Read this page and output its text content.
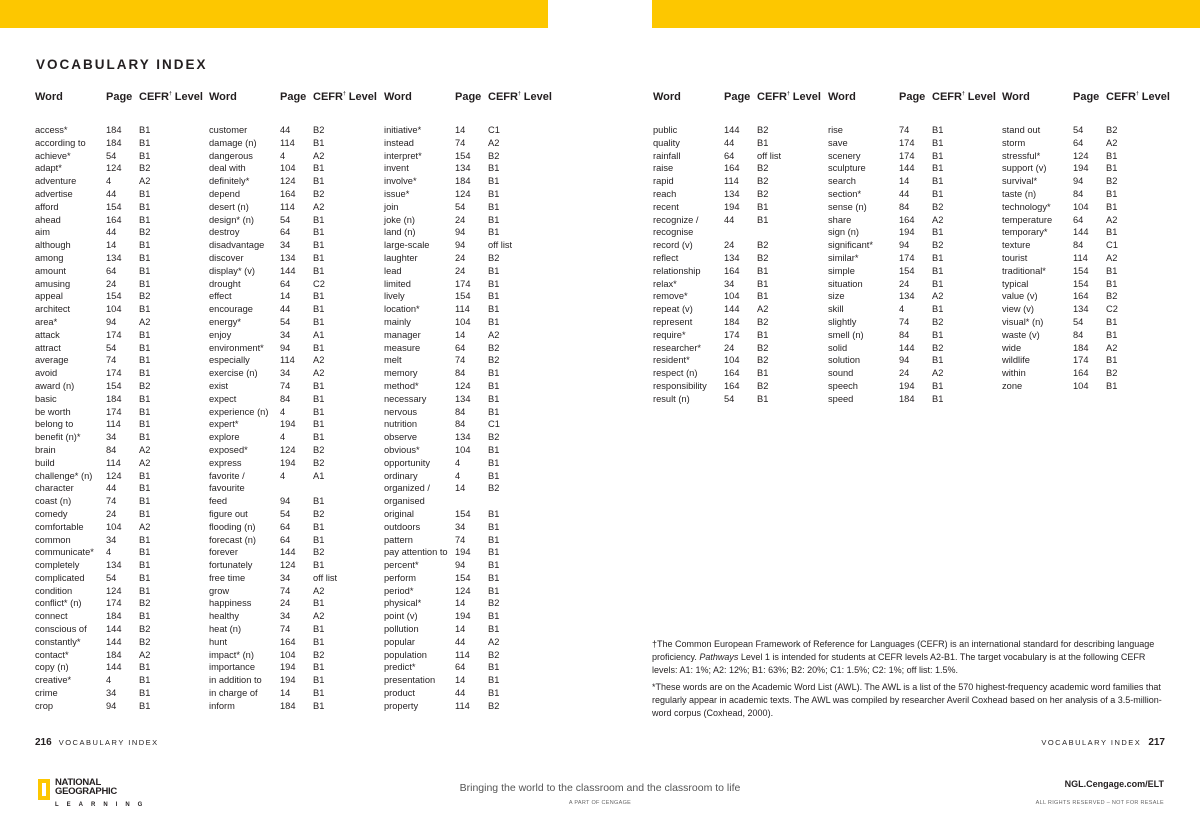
VOCABULARY INDEX
Word	Page CEFR† Level
access*	184	B1
according to	184	B1
achieve*	54	B1
adapt*	124	B2
adventure	4	A2
advertise	44	B1
afford	154	B1
ahead	164	B1
aim	44	B2
although	14	B1
among	134	B1
amount	64	B1
amusing	24	B1
appeal	154	B2
architect	104	B1
area*	94	A2
attack	174	B1
attract	54	B1
average	74	B1
avoid	174	B1
award (n)	154	B2
basic	184	B1
be worth	174	B1
belong to	114	B1
benefit (n)*	34	B1
brain	84	A2
build	114	A2
challenge* (n)	124	B1
character	44	B1
coast (n)	74	B1
comedy	24	B1
comfortable	104	A2
common	34	B1
communicate*	4	B1
completely	134	B1
complicated	54	B1
condition	124	B1
conflict* (n)	174	B2
connect	184	B1
conscious of	144	B2
constantly*	144	B2
contact*	184	A2
copy (n)	144	B1
creative*	4	B1
crime	34	B1
crop	94	B1
Word	Page CEFR† Level
customer	44	B2
damage (n)	114	B1
dangerous	4	A2
deal with	104	B1
definitely*	124	B1
depend	164	B2
desert (n)	114	A2
design* (n)	54	B1
destroy	64	B1
disadvantage	34	B1
discover	134	B1
display* (v)	144	B1
drought	64	C2
effect	14	B1
encourage	44	B1
energy*	54	B1
enjoy	34	A1
environment*	94	B1
especially	114	A2
exercise (n)	34	A2
exist	74	B1
expect	84	B1
experience (n)	4	B1
expert*	194	B1
explore	4	B1
exposed*	124	B2
express	194	B2
favorite /	4	A1
favourite
feed	94	B1
figure out	54	B2
flooding (n)	64	B1
forecast (n)	64	B1
forever	144	B2
fortunately	124	B1
free time	34	off list
grow	74	A2
happiness	24	B1
healthy	34	A2
heat (n)	74	B1
hunt	164	B1
impact* (n)	104	B2
importance	194	B1
in addition to	194	B1
in charge of	14	B1
inform	184	B1
Word	Page CEFR† Level
initiative*	14	C1
instead	74	A2
interpret*	154	B2
invent	134	B1
involve*	184	B1
issue*	124	B1
join	54	B1
joke (n)	24	B1
land (n)	94	B1
large-scale	94	off list
laughter	24	B2
lead	24	B1
limited	174	B1
lively	154	B1
location*	114	B1
mainly	104	B1
manager	14	A2
measure	64	B2
melt	74	B2
memory	84	B1
method*	124	B1
necessary	134	B1
nervous	84	B1
nutrition	84	C1
observe	134	B2
obvious*	104	B1
opportunity	4	B1
ordinary	4	B1
organized /	14	B2
organised
original	154	B1
outdoors	34	B1
pattern	74	B1
pay attention to 194	B1
percent*	94	B1
perform	154	B1
period*	124	B1
physical*	14	B2
point (v)	194	B1
pollution	14	B1
popular	44	A2
population	114	B2
predict*	64	B1
presentation	14	B1
product	44	B1
property	114	B2
Word	Page CEFR† Level
public	144	B2
quality	44	B1
rainfall	64	off list
raise	164	B2
rapid	114	B2
reach	134	B2
recent	194	B1
recognize /	44	B1
recognise
record (v)	24	B2
reflect	134	B2
relationship	164	B1
relax*	34	B1
remove*	104	B1
repeat (v)	144	A2
represent	184	B2
require*	174	B1
researcher*	24	B2
resident*	104	B2
respect (n)	164	B1
responsibility	164	B2
result (n)	54	B1
Word	Page CEFR† Level
rise	74	B1
save	174	B1
scenery	174	B1
sculpture	144	B1
search	14	B1
section*	44	B1
sense (n)	84	B2
share	164	A2
sign (n)	194	B1
significant*	94	B2
similar*	174	B1
simple	154	B1
situation	24	B1
size	134	A2
skill	4	B1
slightly	74	B2
smell (n)	84	B1
solid	144	B2
solution	94	B1
sound	24	A2
speech	194	B1
speed	184	B1
Word	Page CEFR† Level
stand out	54	B2
storm	64	A2
stressful*	124	B1
support (v)	194	B1
survival*	94	B2
taste (n)	84	B1
technology*	104	B1
temperature	64	A2
temporary*	144	B1
texture	84	C1
tourist	114	A2
traditional*	154	B1
typical	154	B1
value (v)	164	B2
view (v)	134	C2
visual* (n)	54	B1
waste (v)	84	B1
wide	184	A2
wildlife	174	B1
within	164	B2
zone	104	B1

†The Common European Framework of Reference for Languages (CEFR) is an international standard for describing language proficiency. Pathways Level 1 is intended for students at CEFR levels A2-B1. The target vocabulary is at the following CEFR levels: A1: 1%; A2: 12%; B1: 63%; B2: 20%; C1: 1.5%; C2: 1%; off list: 1.5%.

*These words are on the Academic Word List (AWL). The AWL is a list of the 570 highest-frequency academic word families that regularly appear in academic texts. The AWL was compiled by researcher Averil Coxhead based on her analysis of a 3.5-million-word corpus (Coxhead, 2000).

216 VOCABULARY INDEX	VOCABULARY INDEX 217
NATIONAL
GEOGRAPHIC
LEARNING
Bringing the world to the classroom and the classroom to life
A PART OF CENGAGE
NGL.Cengage.com/ELT
ALL RIGHTS RESERVED – NOT FOR RESALE
